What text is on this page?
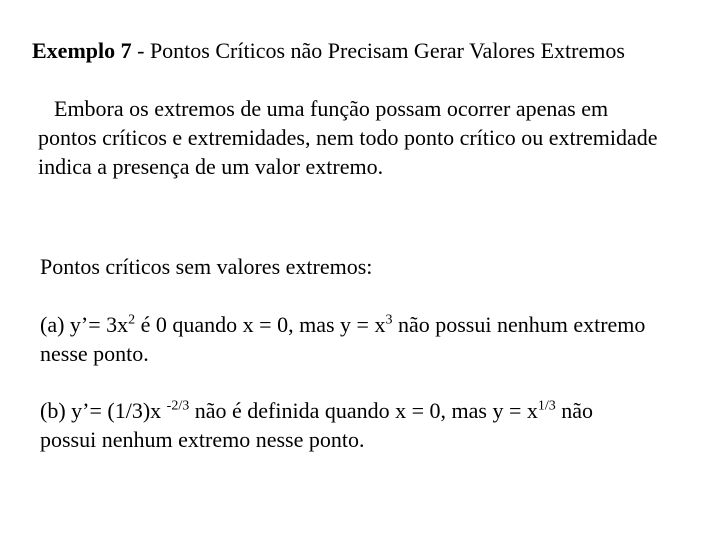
Exemplo 7 - Pontos Críticos não Precisam Gerar Valores Extremos
Embora os extremos de uma função possam ocorrer apenas em
pontos críticos e extremidades, nem todo ponto crítico ou extremidade
indica a presença de um valor extremo.
Pontos críticos sem valores extremos:
(a) y’= $3x^2$ é 0 quando x = 0, mas $y = x^3$ não possui nenhum extremo
nesse ponto.
(b) y’= (1/3)x $^{-2/3}$ não é definida quando x = 0, mas $y = x^{1/3}$ não
possui nenhum extremo nesse ponto.
